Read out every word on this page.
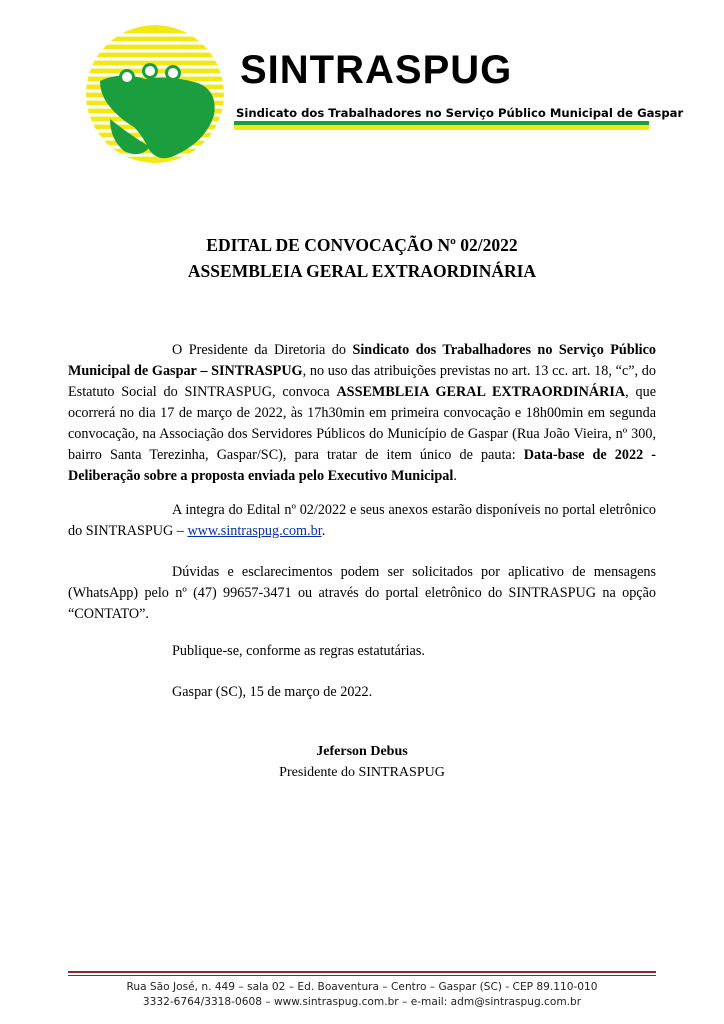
SINTRASPUG
Sindicato dos Trabalhadores no Serviço Público Municipal de Gaspar
EDITAL DE CONVOCAÇÃO Nº 02/2022
ASSEMBLEIA GERAL EXTRAORDINÁRIA
O Presidente da Diretoria do Sindicato dos Trabalhadores no Serviço Público Municipal de Gaspar – SINTRASPUG, no uso das atribuições previstas no art. 13 cc. art. 18, “c”, do Estatuto Social do SINTRASPUG, convoca ASSEMBLEIA GERAL EXTRAORDINÁRIA, que ocorrerá no dia 17 de março de 2022, às 17h30min em primeira convocação e 18h00min em segunda convocação, na Associação dos Servidores Públicos do Município de Gaspar (Rua João Vieira, nº 300, bairro Santa Terezinha, Gaspar/SC), para tratar de item único de pauta: Data-base de 2022 - Deliberação sobre a proposta enviada pelo Executivo Municipal.
A integra do Edital nº 02/2022 e seus anexos estarão disponíveis no portal eletrônico do SINTRASPUG – www.sintraspug.com.br.
Dúvidas e esclarecimentos podem ser solicitados por aplicativo de mensagens (WhatsApp) pelo nº (47) 99657-3471 ou através do portal eletrônico do SINTRASPUG na opção “CONTATO”.
Publique-se, conforme as regras estatutárias.
Gaspar (SC), 15 de março de 2022.
Jeferson Debus
Presidente do SINTRASPUG
Rua São José, n. 449 – sala 02 – Ed. Boaventura – Centro – Gaspar (SC) - CEP 89.110-010
3332-6764/3318-0608 – www.sintraspug.com.br – e-mail: adm@sintraspug.com.br
